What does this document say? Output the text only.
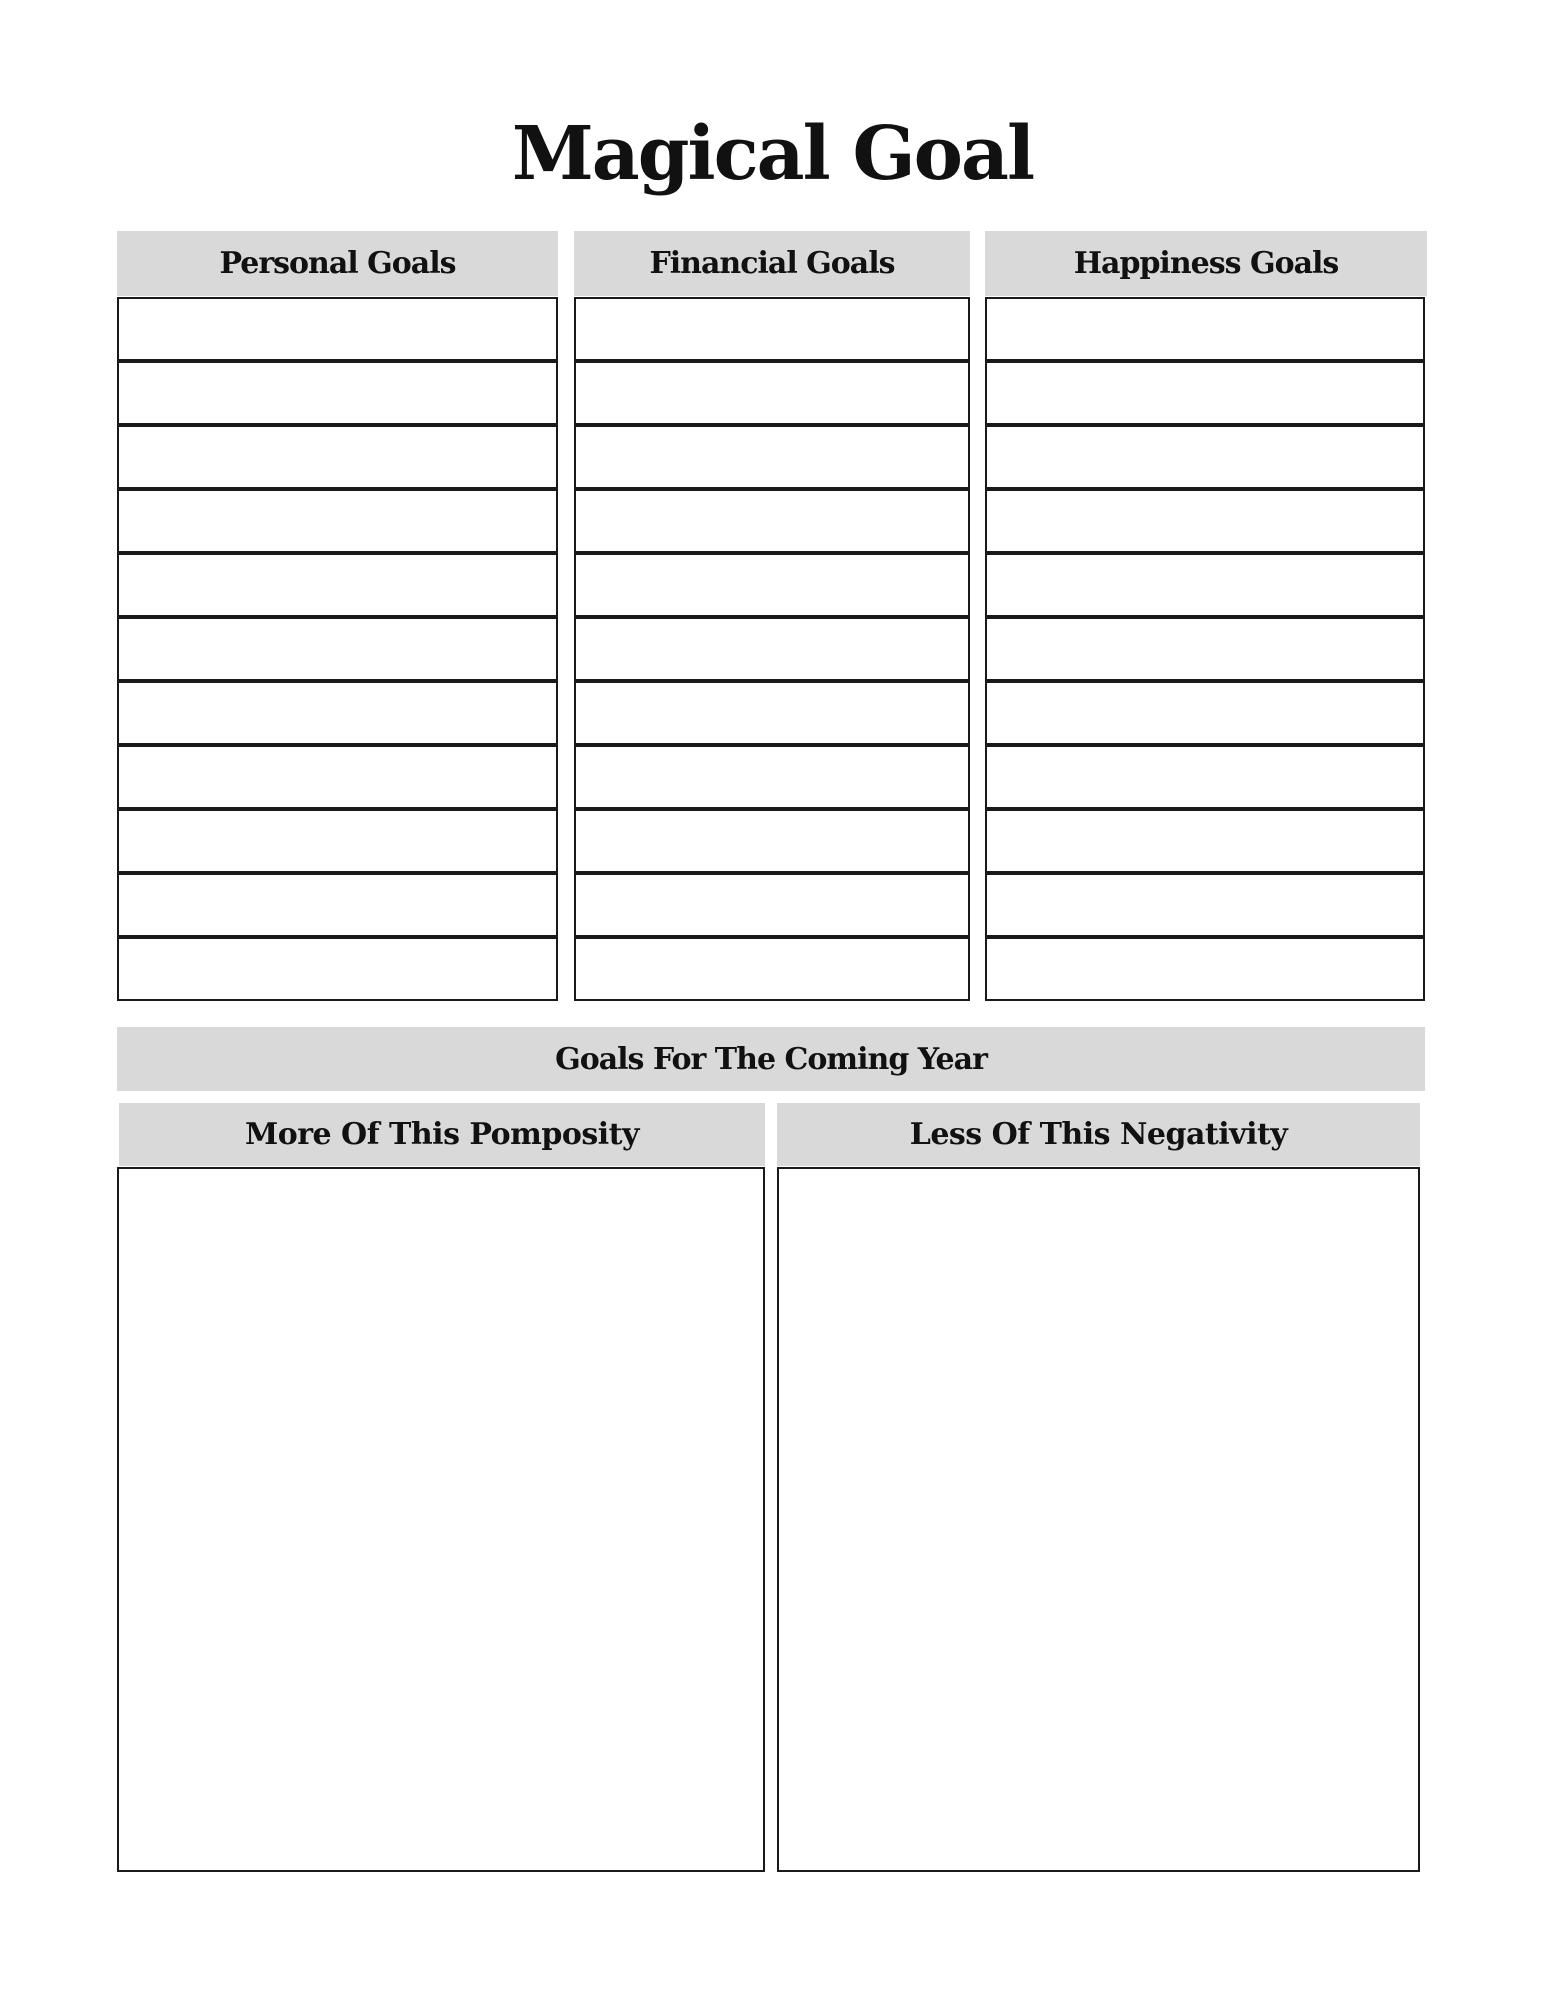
Magical Goal
Personal Goals	Financial Goals	Happiness Goals
Goals For The Coming Year
More Of This Pomposity	Less Of This Negativity
